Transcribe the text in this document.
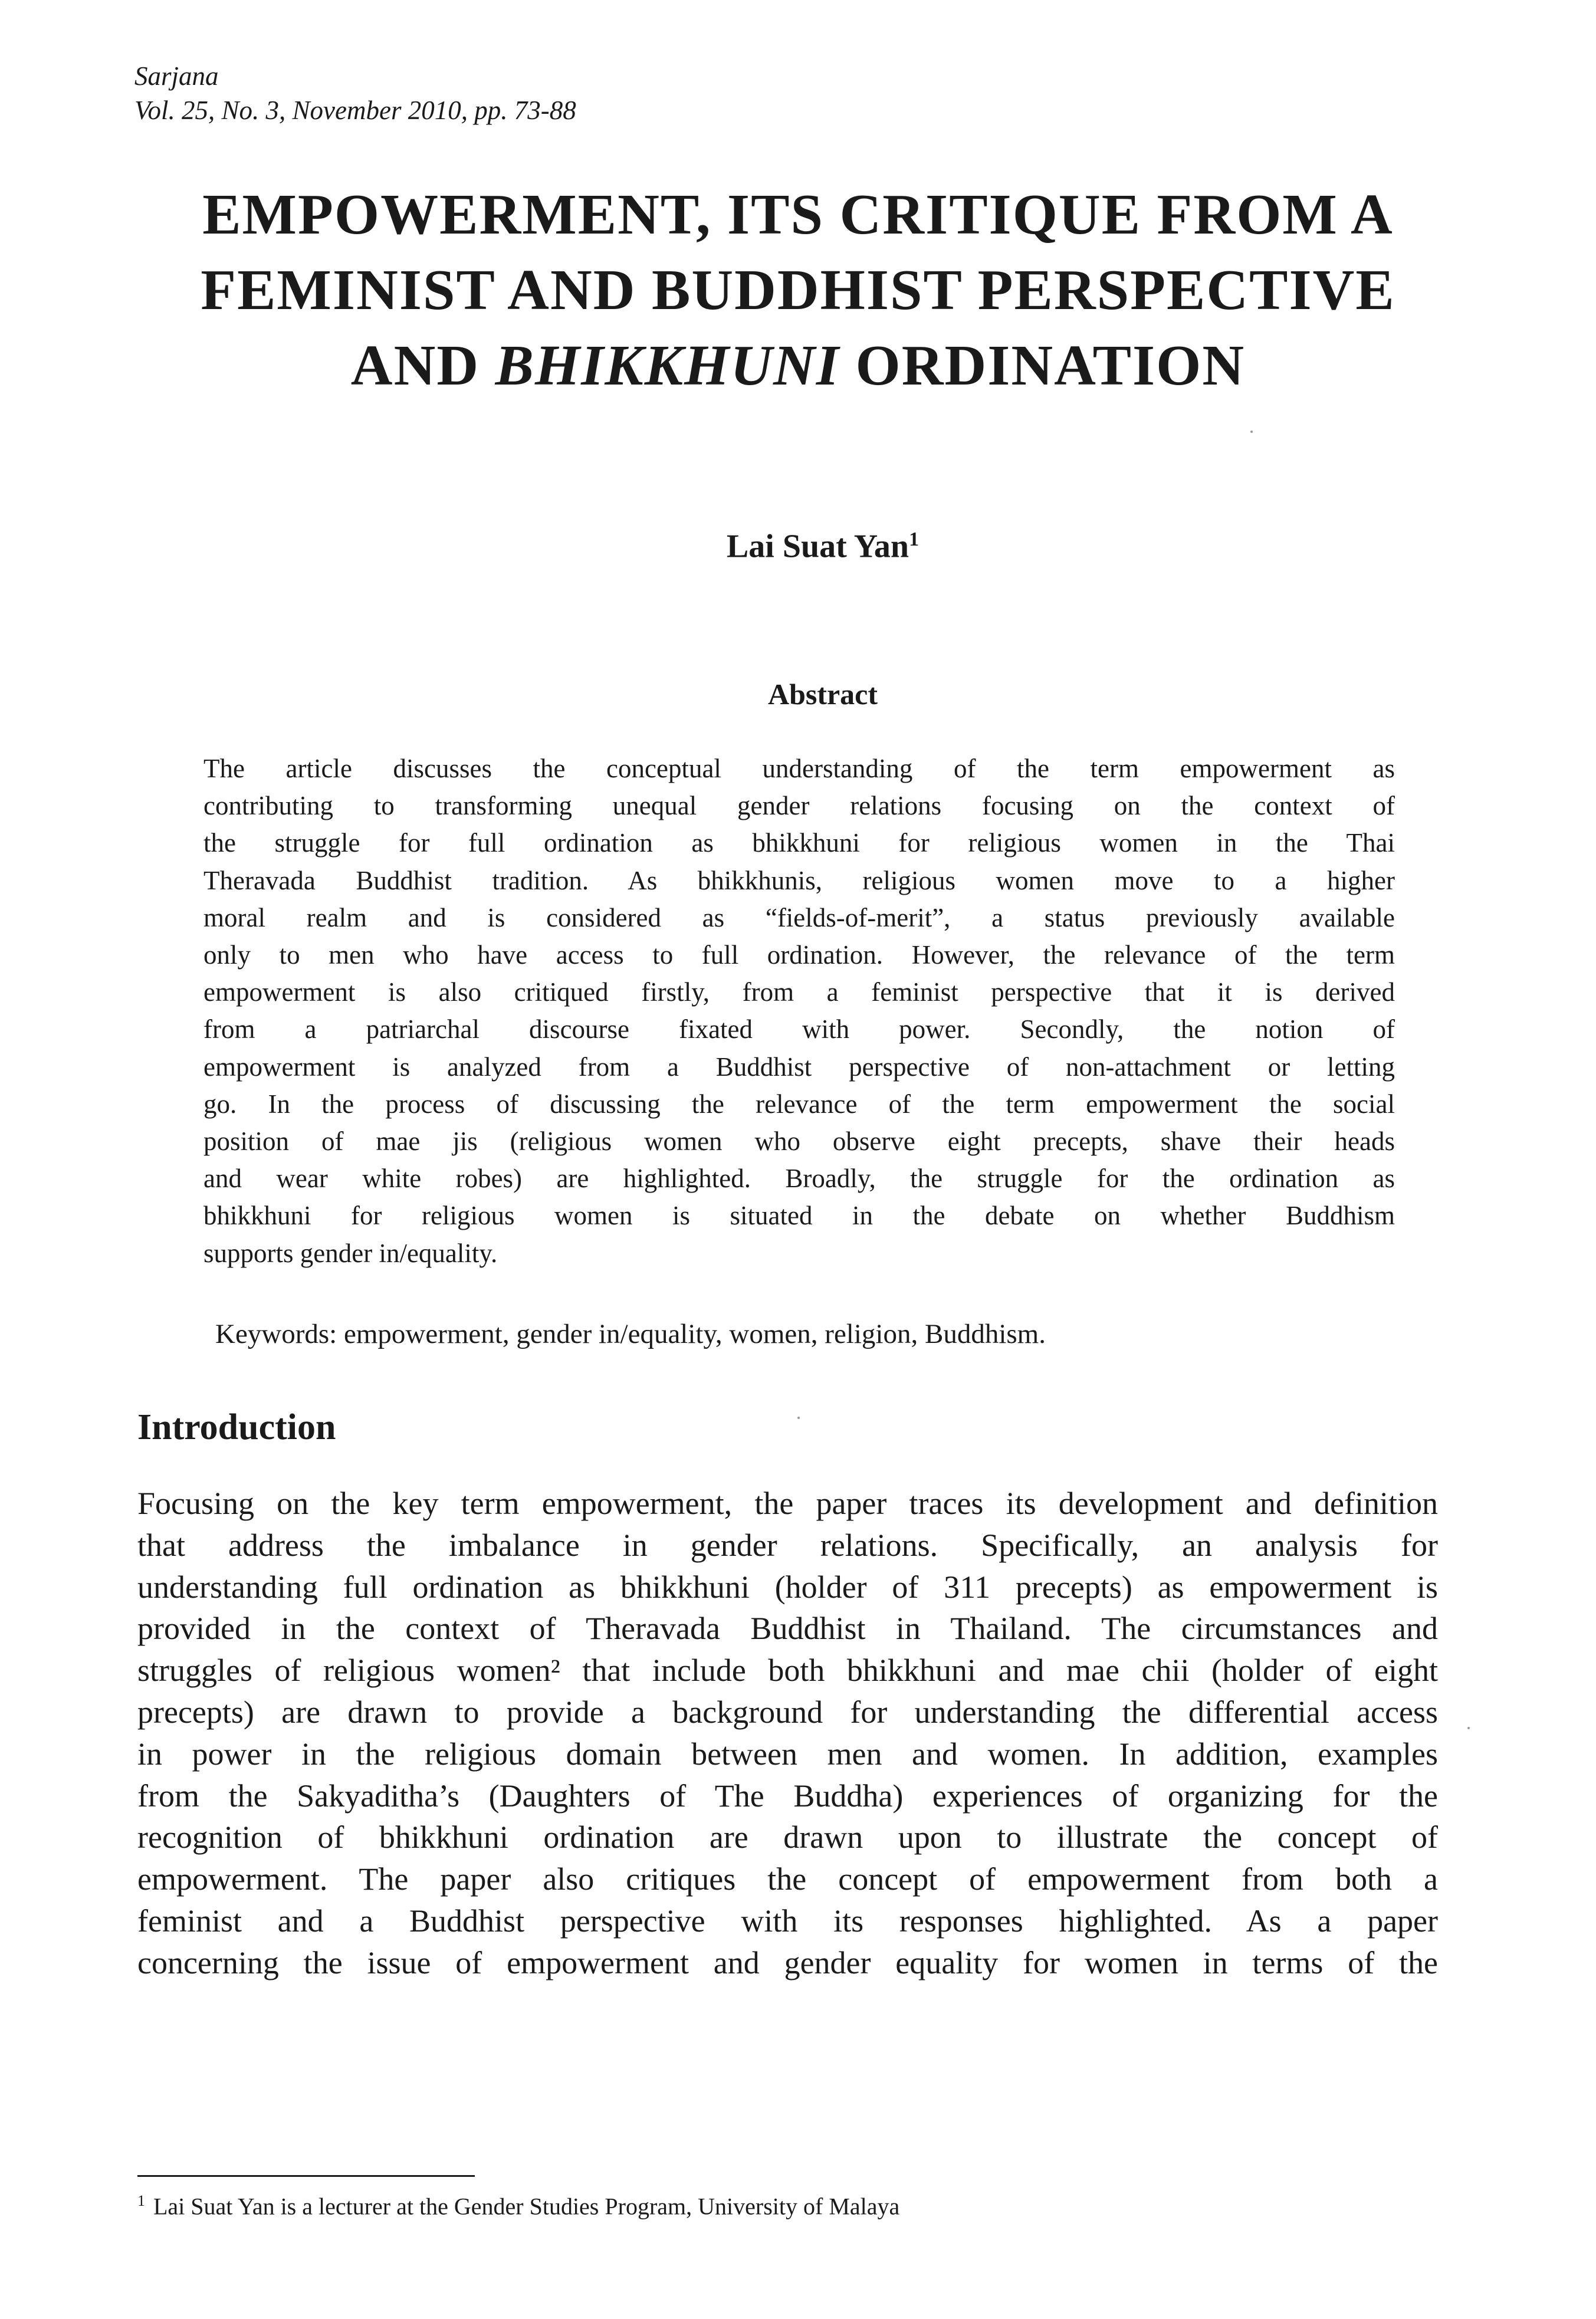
Sarjana
Vol. 25, No. 3, November 2010, pp. 73-88
EMPOWERMENT, ITS CRITIQUE FROM A
FEMINIST AND BUDDHIST PERSPECTIVE
AND BHIKKHUNI ORDINATION
Lai Suat Yan$^1$
Abstract
The article discusses the conceptual understanding of the term empowerment as
contributing to transforming unequal gender relations focusing on the context of
the struggle for full ordination as bhikkhuni for religious women in the Thai
Theravada Buddhist tradition. As bhikkhunis, religious women move to a higher
moral realm and is considered as “fields-of-merit”, a status previously available
only to men who have access to full ordination. However, the relevance of the term
empowerment is also critiqued firstly, from a feminist perspective that it is derived
from a patriarchal discourse fixated with power. Secondly, the notion of
empowerment is analyzed from a Buddhist perspective of non-attachment or letting
go. In the process of discussing the relevance of the term empowerment the social
position of mae jis (religious women who observe eight precepts, shave their heads
and wear white robes) are highlighted. Broadly, the struggle for the ordination as
bhikkhuni for religious women is situated in the debate on whether Buddhism
supports gender in/equality.
Keywords: empowerment, gender in/equality, women, religion, Buddhism.
Introduction
Focusing on the key term empowerment, the paper traces its development and definition
that address the imbalance in gender relations. Specifically, an analysis for
understanding full ordination as bhikkhuni (holder of 311 precepts) as empowerment is
provided in the context of Theravada Buddhist in Thailand. The circumstances and
struggles of religious women² that include both bhikkhuni and mae chii (holder of eight
precepts) are drawn to provide a background for understanding the differential access
in power in the religious domain between men and women. In addition, examples
from the Sakyaditha’s (Daughters of The Buddha) experiences of organizing for the
recognition of bhikkhuni ordination are drawn upon to illustrate the concept of
empowerment. The paper also critiques the concept of empowerment from both a
feminist and a Buddhist perspective with its responses highlighted. As a paper
concerning the issue of empowerment and gender equality for women in terms of the
$^1$ Lai Suat Yan is a lecturer at the Gender Studies Program, University of Malaya
